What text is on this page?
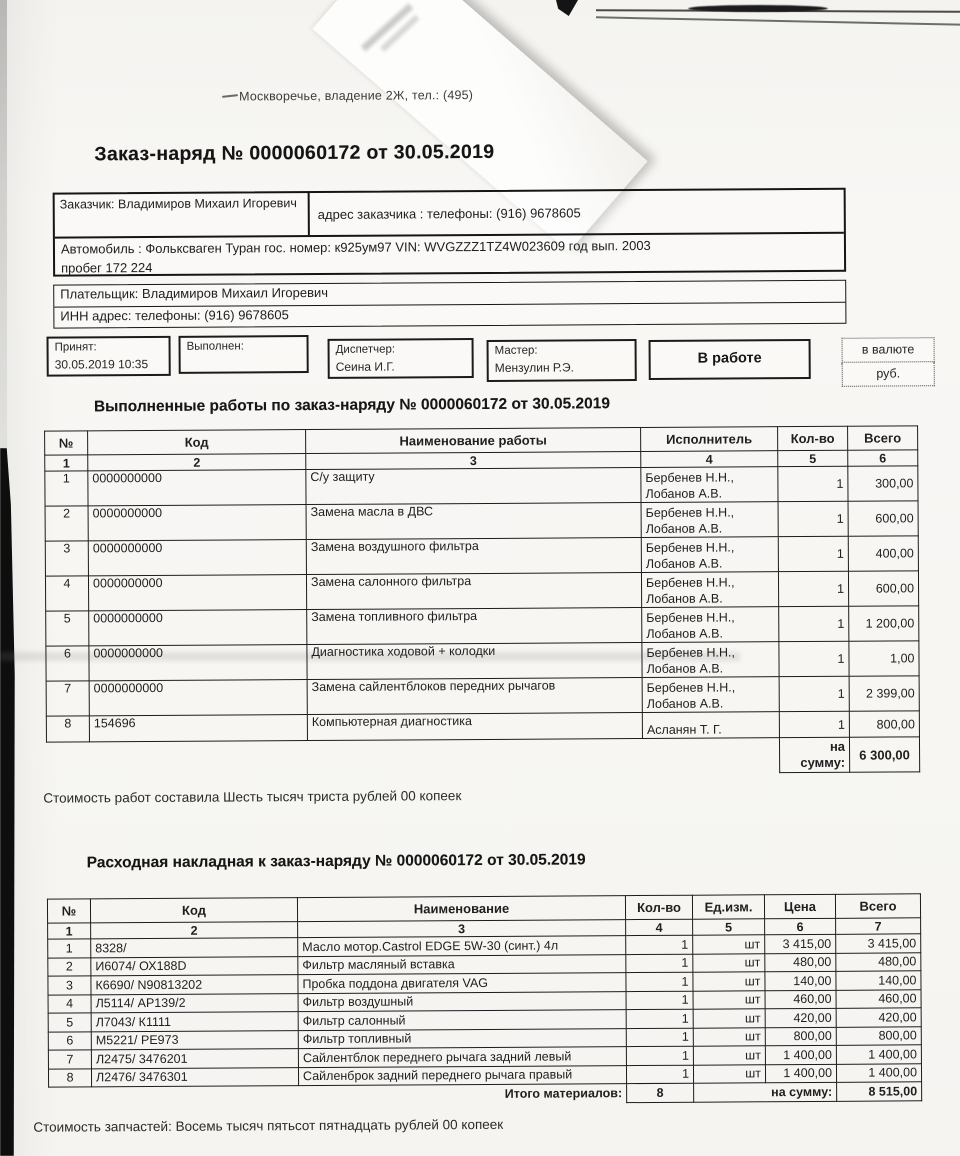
Москворечье, владение 2Ж, тел.: (495)
Заказ-наряд № 0000060172 от 30.05.2019
Заказчик: Владимиров Михаил Игоревич
адрес заказчика : телефоны: (916) 9678605
Автомобиль : Фольксваген Туран гос. номер: к925ум97 VIN: WVGZZZ1TZ4W023609 год вып. 2003
пробег 172 224
Плательщик: Владимиров Михаил Игоревич
ИНН адрес: телефоны: (916) 9678605
Принят:
30.05.2019 10:35
Выполнен:	Диспетчер:
Сеина И.Г.
Мастер:
Мензулин Р.Э.
В работе
в валюте
руб.
Выполненные работы по заказ-наряду № 0000060172 от 30.05.2019
№	Код	Наименование работы	Исполнитель	Кол-во	Всего
1	2	3	4	5	6
1	0000000000	С/у защиту	Бербенев Н.Н.,
Лобанов А.В.	1	300,00
2	0000000000	Замена масла в ДВС	Бербенев Н.Н.,
Лобанов А.В.	1	600,00
3	0000000000	Замена воздушного фильтра	Бербенев Н.Н.,
Лобанов А.В.	1	400,00
4	0000000000	Замена салонного фильтра	Бербенев Н.Н.,
Лобанов А.В.	1	600,00
5	0000000000	Замена топливного фильтра	Бербенев Н.Н.,
Лобанов А.В.	1	1 200,00
6	0000000000	Диагностика ходовой + колодки	Бербенев Н.Н.,
Лобанов А.В.	1	1,00
7	0000000000	Замена сайлентблоков передних рычагов	Бербенев Н.Н.,
Лобанов А.В.	1	2 399,00
8	154696	Компьютерная диагностика	Асланян Т. Г.	1	800,00
				на сумму:	6 300,00
Стоимость работ составила Шесть тысяч триста рублей 00 копеек
Расходная накладная к заказ-наряду № 0000060172 от 30.05.2019
№	Код	Наименование	Кол-во	Ед.изм.	Цена	Всего
1	2	3	4	5	6	7
1	8328/	Масло мотор.Castrol EDGE 5W-30 (синт.) 4л	1	шт	3 415,00	3 415,00
2	И6074/ ОХ188D	Фильтр масляный вставка	1	шт	480,00	480,00
3	К6690/ N90813202	Пробка поддона двигателя VAG	1	шт	140,00	140,00
4	Л5114/ АР139/2	Фильтр воздушный	1	шт	460,00	460,00
5	Л7043/ К1111	Фильтр салонный	1	шт	420,00	420,00
6	М5221/ РЕ973	Фильтр топливный	1	шт	800,00	800,00
7	Л2475/ 3476201	Сайлентблок переднего рычага задний левый	1	шт	1 400,00	1 400,00
8	Л2476/ 3476301	Сайленброк задний переднего рычага правый	1	шт	1 400,00	1 400,00
Итого материалов:			8	на сумму:		8 515,00
Стоимость запчастей: Восемь тысяч пятьсот пятнадцать рублей 00 копеек
